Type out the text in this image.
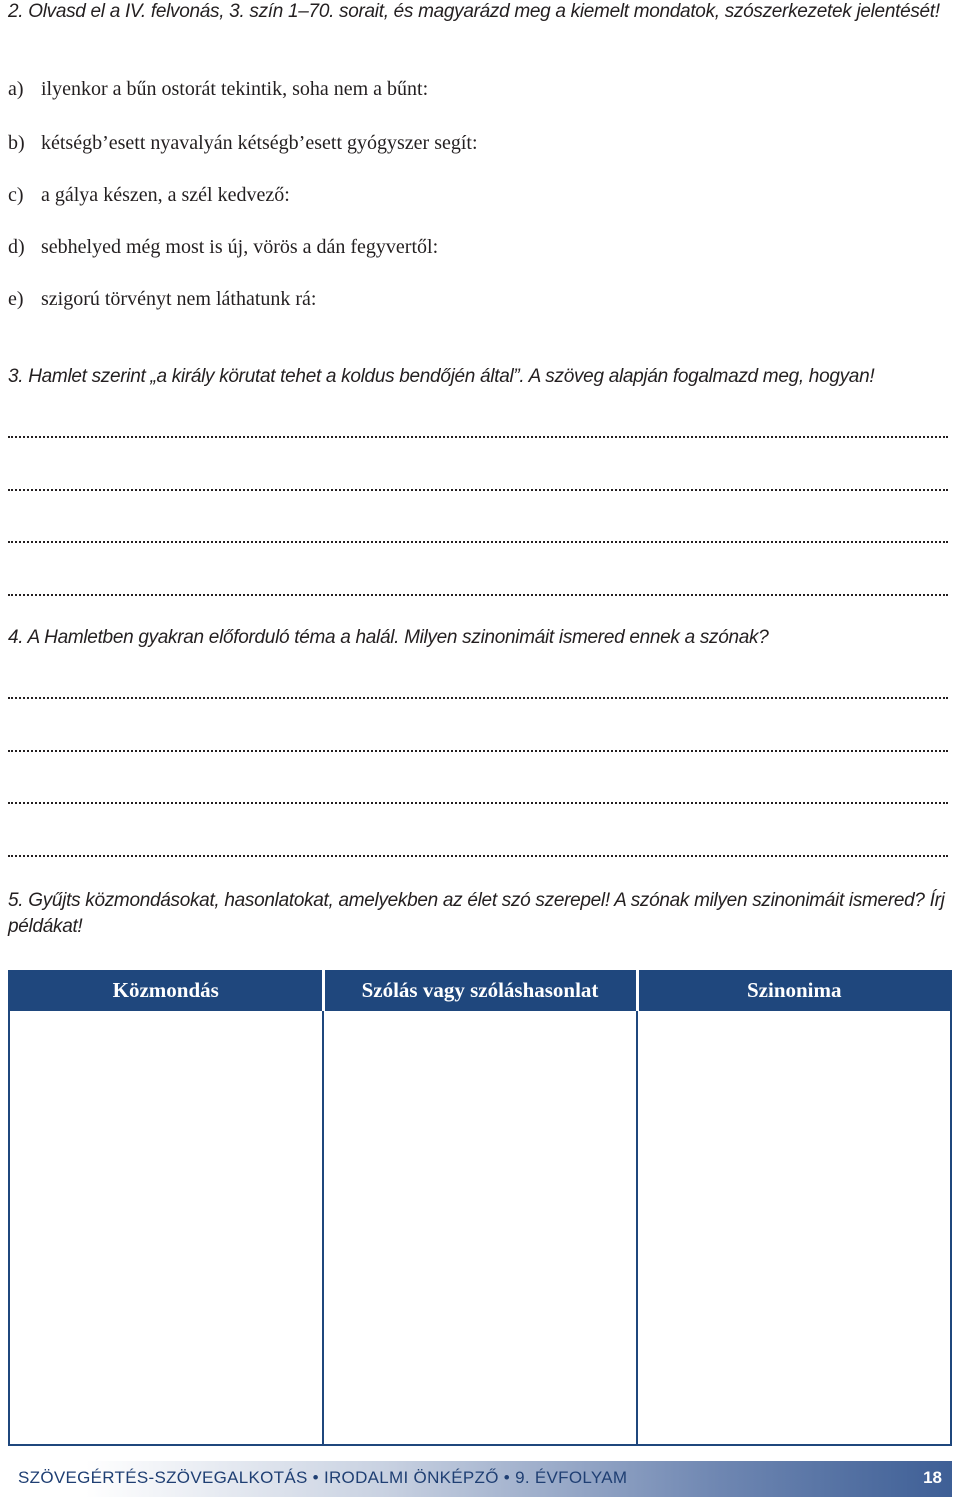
2. Olvasd el a IV. felvonás, 3. szín 1–70. sorait, és magyarázd meg a kiemelt mondatok, szószerkezetek jelentését!
a) ilyenkor a bűn ostorát tekintik, soha nem a bűnt:
b) kétségb’esett nyavalyán kétségb’esett gyógyszer segít:
c) a gálya készen, a szél kedvező:
d) sebhelyed még most is új, vörös a dán fegyvertől:
e) szigorú törvényt nem láthatunk rá:
3. Hamlet szerint „a király körutat tehet a koldus bendőjén által”. A szöveg alapján fogalmazd meg, hogyan!
4. A Hamletben gyakran előforduló téma a halál. Milyen szinonimáit ismered ennek a szónak?
5. Gyűjts közmondásokat, hasonlatokat, amelyekben az élet szó szerepel! A szónak milyen szinonimáit ismered? Írj példákat!
Közmondás	Szólás vagy szóláshasonlat	Szinonima

SZÖVEGÉRTÉS-SZÖVEGALKOTÁS • IRODALMI ÖNKÉPZŐ • 9. ÉVFOLYAM	18
